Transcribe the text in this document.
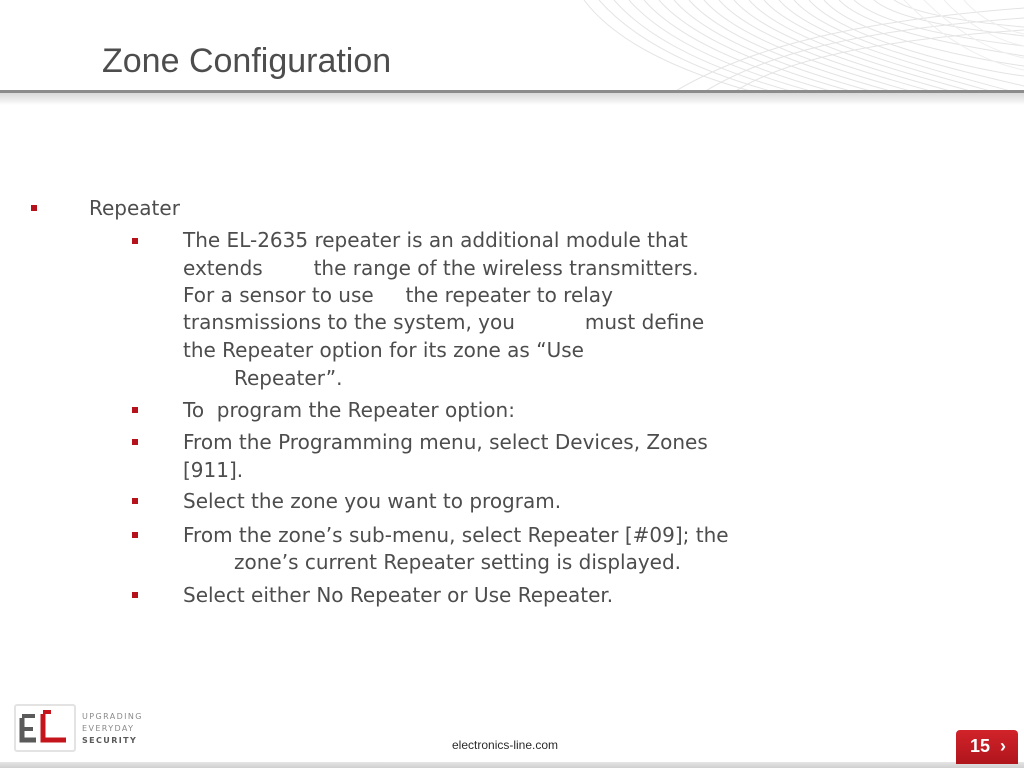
Zone Configuration
Repeater
The EL-2635 repeater is an additional module that
extends        the range of the wireless transmitters.
For a sensor to use     the repeater to relay
transmissions to the system, you           must define
the Repeater option for its zone as “Use
Repeater”.
To  program the Repeater option:
From the Programming menu, select Devices, Zones
[911].
Select the zone you want to program.
From the zone’s sub-menu, select Repeater [#09]; the
zone’s current Repeater setting is displayed.
Select either No Repeater or Use Repeater.
UPGRADING
EVERYDAY
SECURITY	electronics-line.com	15 ›
